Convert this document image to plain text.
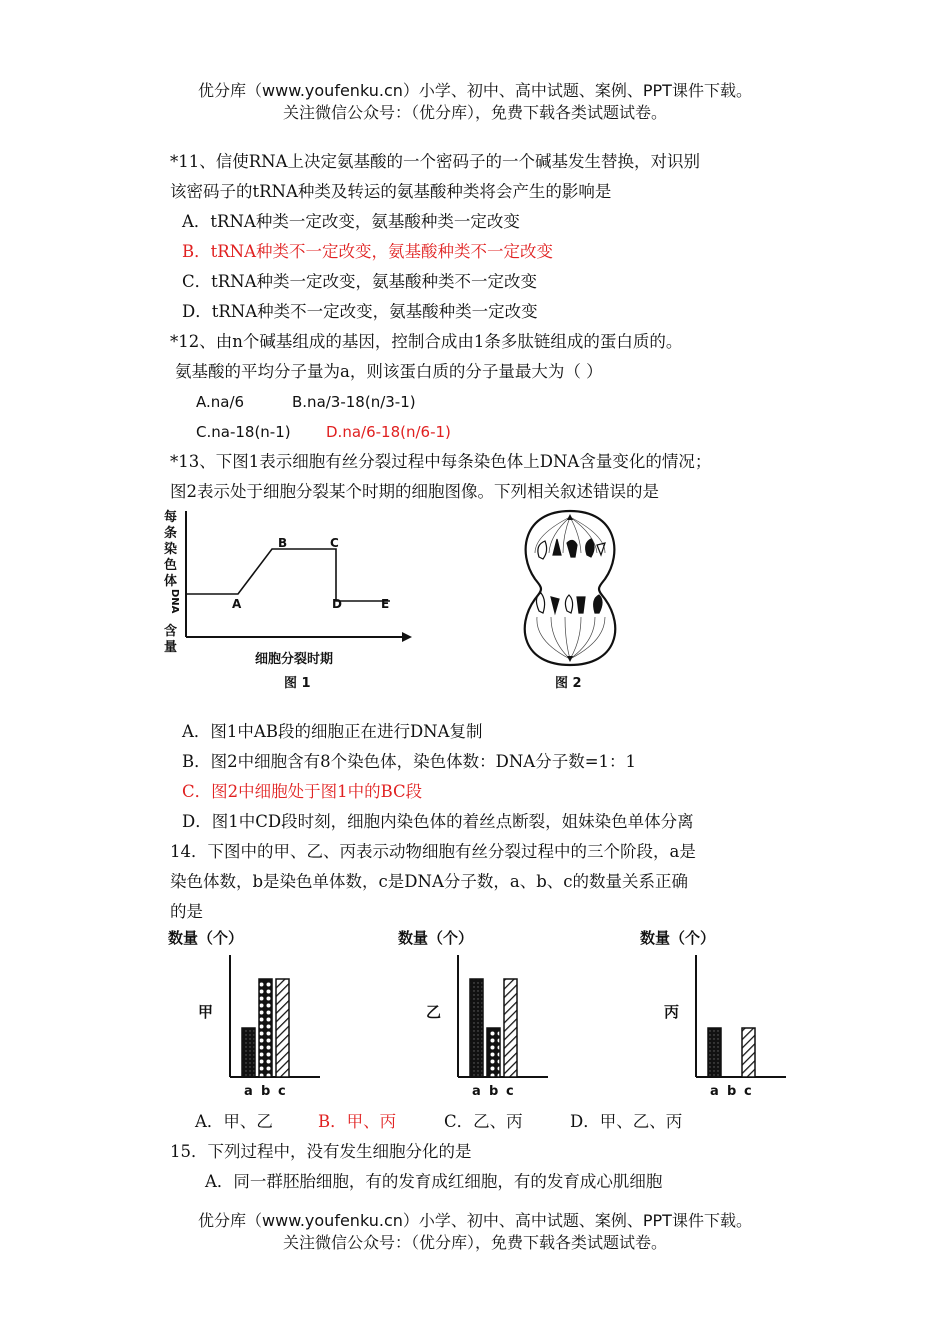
优分库（www.youfenku.cn）小学、初中、高中试题、案例、PPT课件下载。
关注微信公众号：（优分库），免费下载各类试题试卷。
*11、信使RNA上决定氨基酸的一个密码子的一个碱基发生替换，对识别
该密码子的tRNA种类及转运的氨基酸种类将会产生的影响是
A．tRNA种类一定改变，氨基酸种类一定改变
B．tRNA种类不一定改变，氨基酸种类不一定改变
C．tRNA种类一定改变，氨基酸种类不一定改变
D．tRNA种类不一定改变，氨基酸种类一定改变
*12、由n个碱基组成的基因，控制合成由1条多肽链组成的蛋白质的。
氨基酸的平均分子量为a，则该蛋白质的分子量最大为（ ）
A.na/6	B.na/3-18(n/3-1)
C.na-18(n-1) D.na/6-18(n/6-1)
*13、下图1表示细胞有丝分裂过程中每条染色体上DNA含量变化的情况；
图2表示处于细胞分裂某个时期的细胞图像。下列相关叙述错误的是
每
条
染
色
体
DNA
含
量
A
B	C
D	E
细胞分裂时期
图 1	图 2
A．图1中AB段的细胞正在进行DNA复制
B．图2中细胞含有8个染色体，染色体数：DNA分子数=1：1
C．图2中细胞处于图1中的BC段
D．图1中CD段时刻，细胞内染色体的着丝点断裂，姐妹染色单体分离
14．下图中的甲、乙、丙表示动物细胞有丝分裂过程中的三个阶段，a是
染色体数，b是染色单体数，c是DNA分子数，a、b、c的数量关系正确
的是
数量（个）
甲
a b c
数量（个）
乙
a b c
数量（个）
丙
a b c
A．甲、乙	B．甲、丙	C．乙、丙	D．甲、乙、丙
15．下列过程中，没有发生细胞分化的是
A．同一群胚胎细胞，有的发育成红细胞，有的发育成心肌细胞
优分库（www.youfenku.cn）小学、初中、高中试题、案例、PPT课件下载。
关注微信公众号：（优分库），免费下载各类试题试卷。
